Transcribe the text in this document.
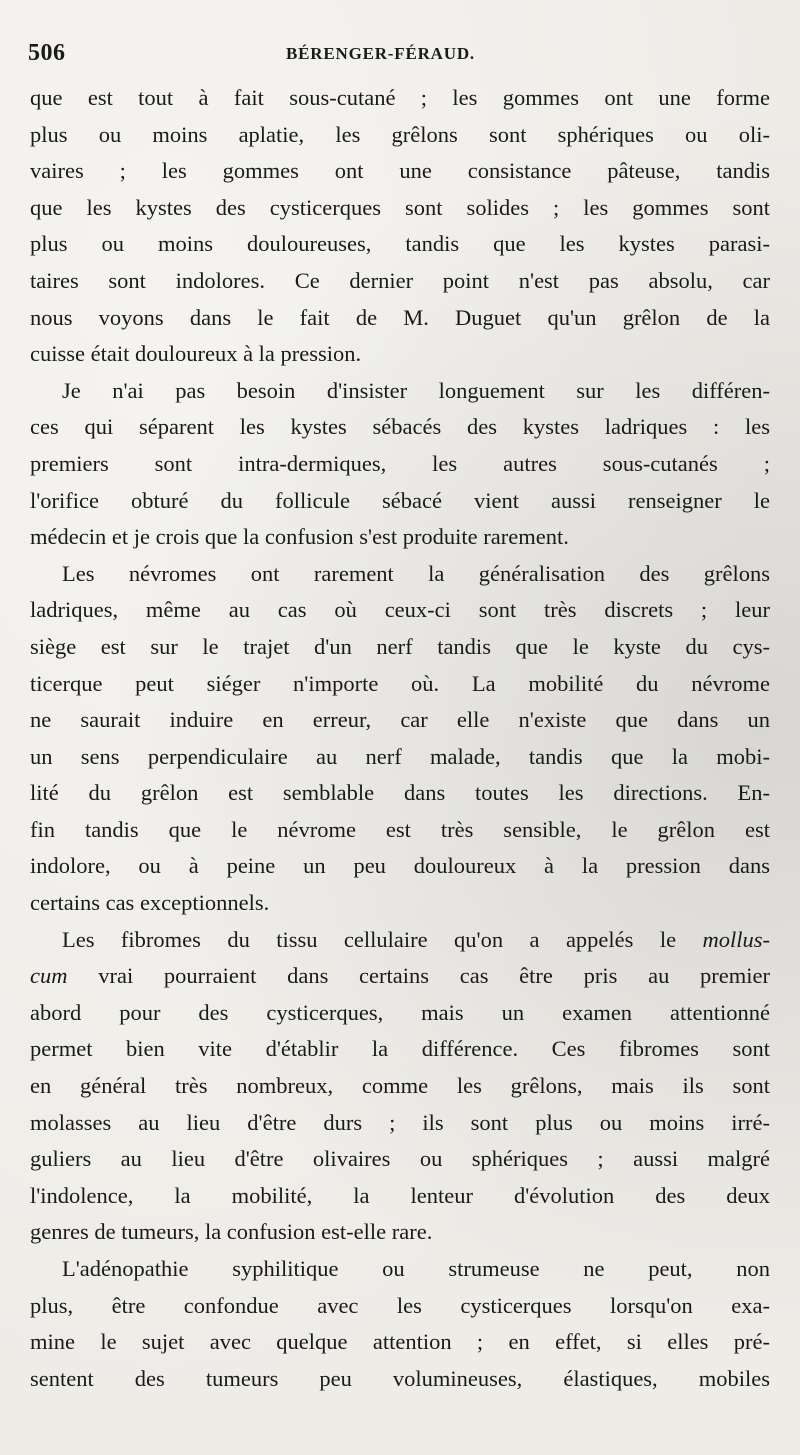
506	BÉRENGER-FÉRAUD.
que est tout à fait sous-cutané ; les gommes ont une forme
plus ou moins aplatie, les grêlons sont sphériques ou oli-
vaires ; les gommes ont une consistance pâteuse, tandis
que les kystes des cysticerques sont solides ; les gommes sont
plus ou moins douloureuses, tandis que les kystes parasi-
taires sont indolores. Ce dernier point n'est pas absolu, car
nous voyons dans le fait de M. Duguet qu'un grêlon de la
cuisse était douloureux à la pression.
Je n'ai pas besoin d'insister longuement sur les différen-
ces qui séparent les kystes sébacés des kystes ladriques : les
premiers sont intra-dermiques, les autres sous-cutanés ;
l'orifice obturé du follicule sébacé vient aussi renseigner le
médecin et je crois que la confusion s'est produite rarement.
Les névromes ont rarement la généralisation des grêlons
ladriques, même au cas où ceux-ci sont très discrets ; leur
siège est sur le trajet d'un nerf tandis que le kyste du cys-
ticerque peut siéger n'importe où. La mobilité du névrome
ne saurait induire en erreur, car elle n'existe que dans un
un sens perpendiculaire au nerf malade, tandis que la mobi-
lité du grêlon est semblable dans toutes les directions. En-
fin tandis que le névrome est très sensible, le grêlon est
indolore, ou à peine un peu douloureux à la pression dans
certains cas exceptionnels.
Les fibromes du tissu cellulaire qu'on a appelés le mollus-
cum vrai pourraient dans certains cas être pris au premier
abord pour des cysticerques, mais un examen attentionné
permet bien vite d'établir la différence. Ces fibromes sont
en général très nombreux, comme les grêlons, mais ils sont
molasses au lieu d'être durs ; ils sont plus ou moins irré-
guliers au lieu d'être olivaires ou sphériques ; aussi malgré
l'indolence, la mobilité, la lenteur d'évolution des deux
genres de tumeurs, la confusion est-elle rare.
L'adénopathie syphilitique ou strumeuse ne peut, non
plus, être confondue avec les cysticerques lorsqu'on exa-
mine le sujet avec quelque attention ; en effet, si elles pré-
sentent des tumeurs peu volumineuses, élastiques, mobiles
